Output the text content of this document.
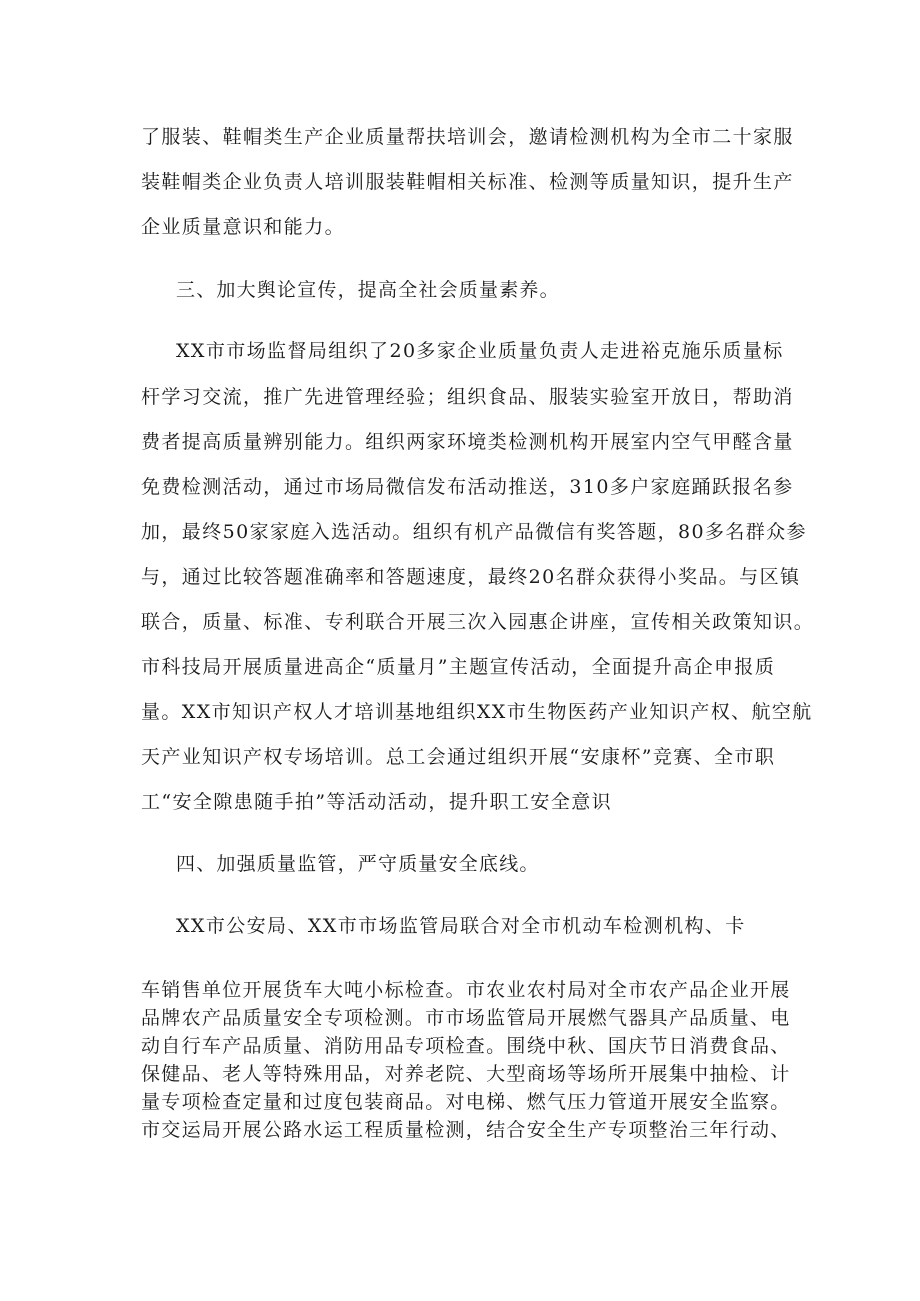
了服装、鞋帽类生产企业质量帮扶培训会，邀请检测机构为全市二十家服
装鞋帽类企业负责人培训服装鞋帽相关标准、检测等质量知识，提升生产
企业质量意识和能力。
三、加大舆论宣传，提高全社会质量素养。
XX市市场监督局组织了20多家企业质量负责人走进裕克施乐质量标
杆学习交流，推广先进管理经验；组织食品、服装实验室开放日，帮助消
费者提高质量辨别能力。组织两家环境类检测机构开展室内空气甲醛含量
免费检测活动，通过市场局微信发布活动推送，310多户家庭踊跃报名参
加，最终50家家庭入选活动。组织有机产品微信有奖答题，80多名群众参
与，通过比较答题准确率和答题速度，最终20名群众获得小奖品。与区镇
联合，质量、标准、专利联合开展三次入园惠企讲座，宣传相关政策知识。
市科技局开展质量进高企“质量月”主题宣传活动，全面提升高企申报质
量。XX市知识产权人才培训基地组织XX市生物医药产业知识产权、航空航
天产业知识产权专场培训。总工会通过组织开展“安康杯”竞赛、全市职
工“安全隙患随手拍”等活动活动，提升职工安全意识
四、加强质量监管，严守质量安全底线。
XX市公安局、XX市市场监管局联合对全市机动车检测机构、卡
车销售单位开展货车大吨小标检查。市农业农村局对全市农产品企业开展
品牌农产品质量安全专项检测。市市场监管局开展燃气器具产品质量、电
动自行车产品质量、消防用品专项检查。围绕中秋、国庆节日消费食品、
保健品、老人等特殊用品，对养老院、大型商场等场所开展集中抽检、计
量专项检查定量和过度包装商品。对电梯、燃气压力管道开展安全监察。
市交运局开展公路水运工程质量检测，结合安全生产专项整治三年行动、
